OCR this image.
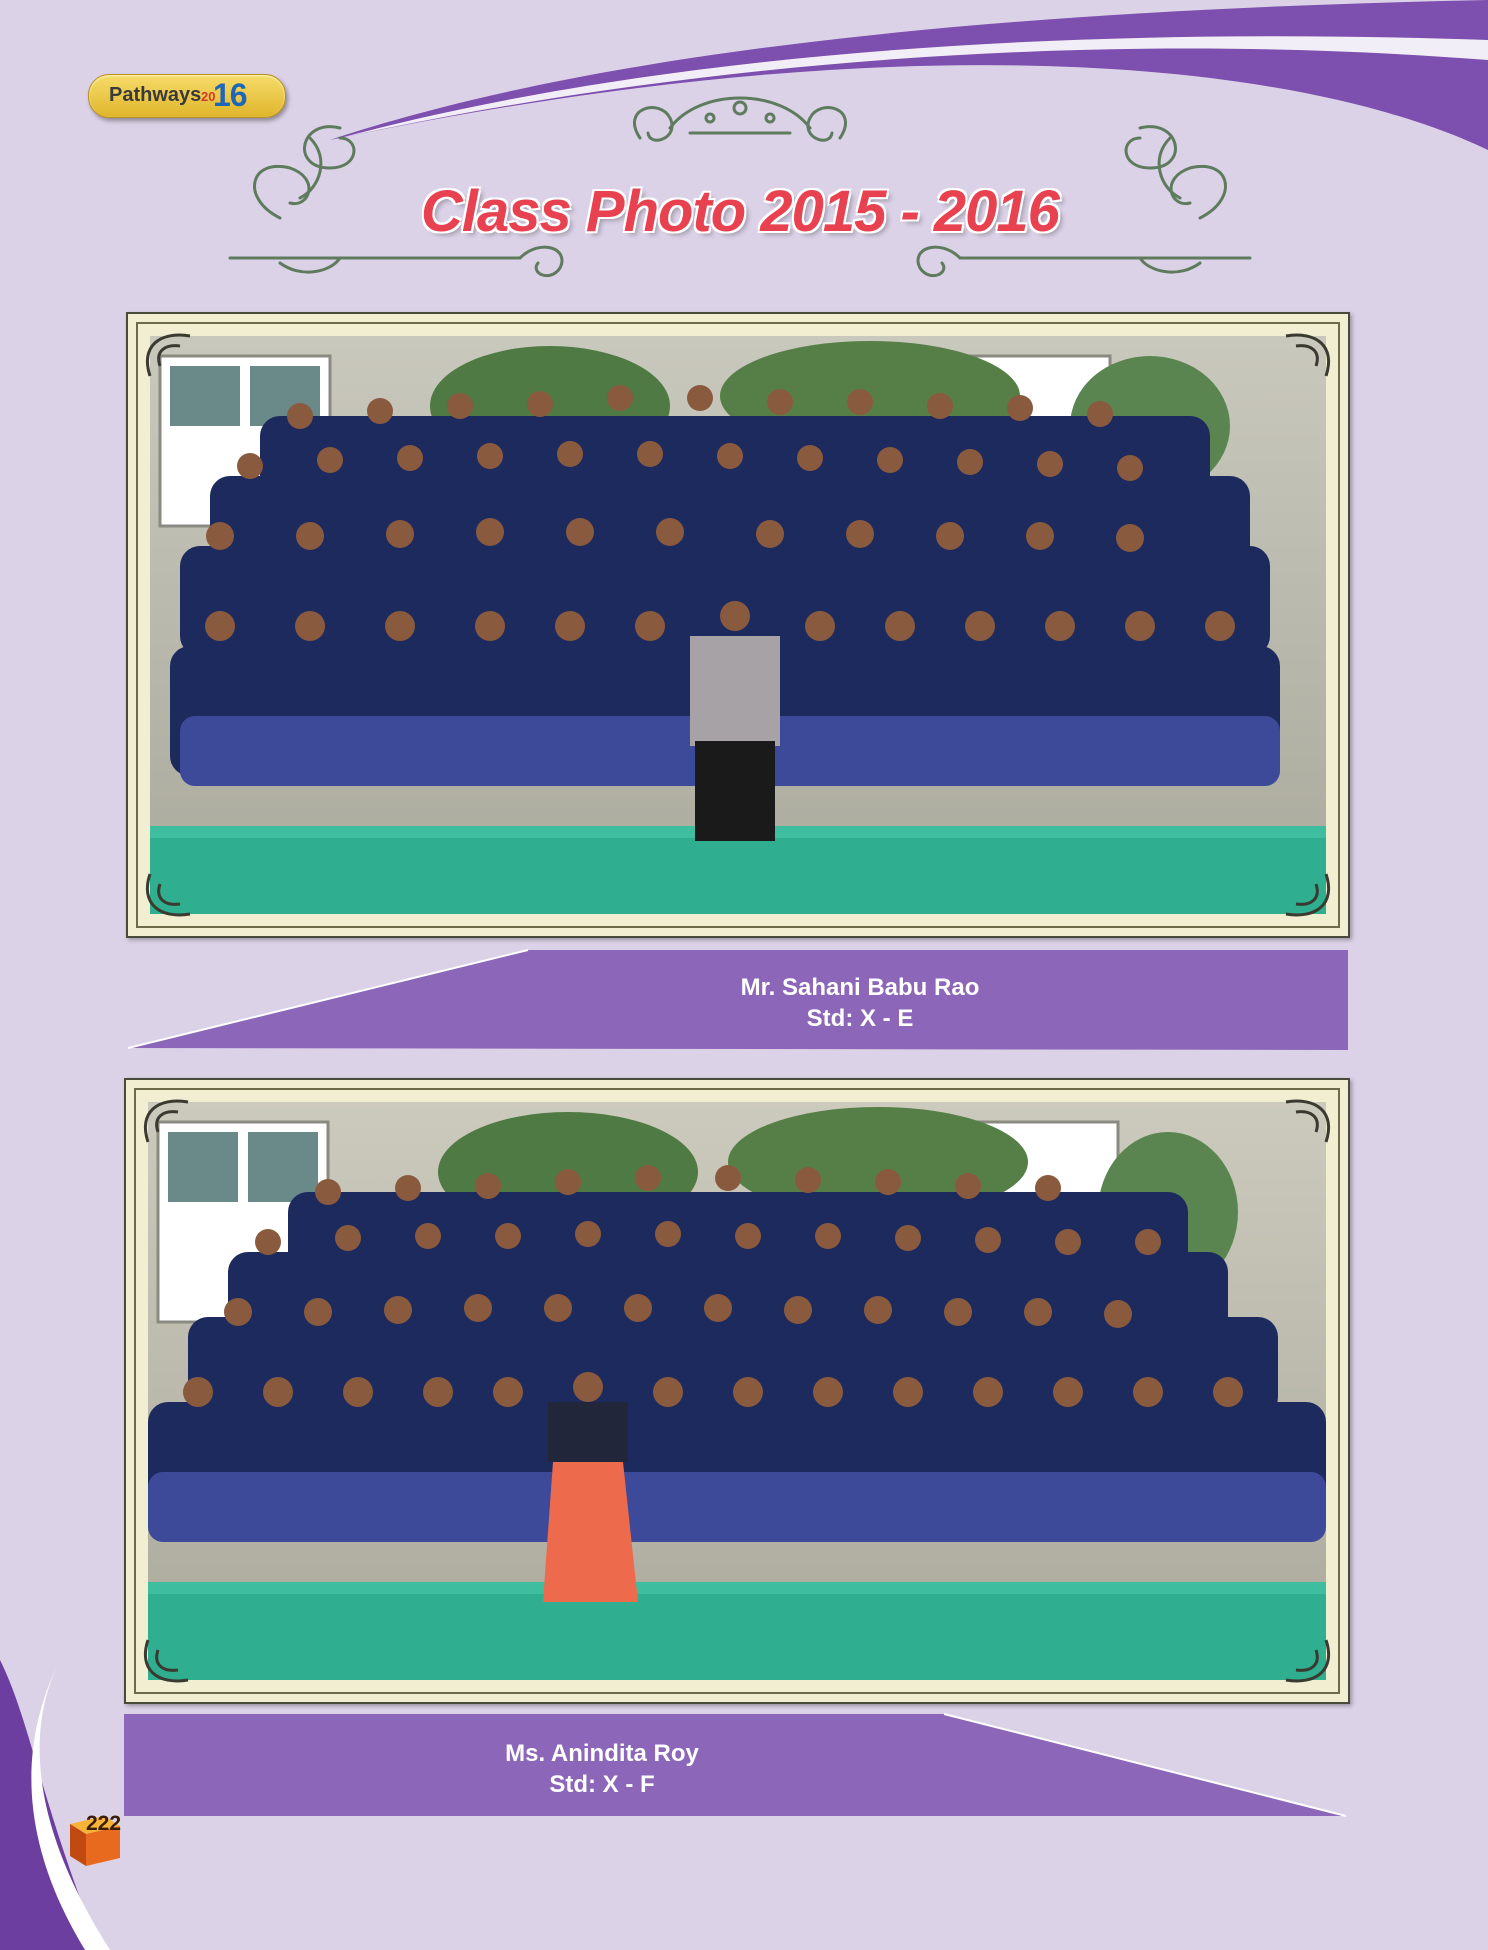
Pathways 20
16
Class Photo 2015 - 2016
Mr. Sahani Babu Rao
Std: X - E
Ms. Anindita Roy
Std: X - F
222
